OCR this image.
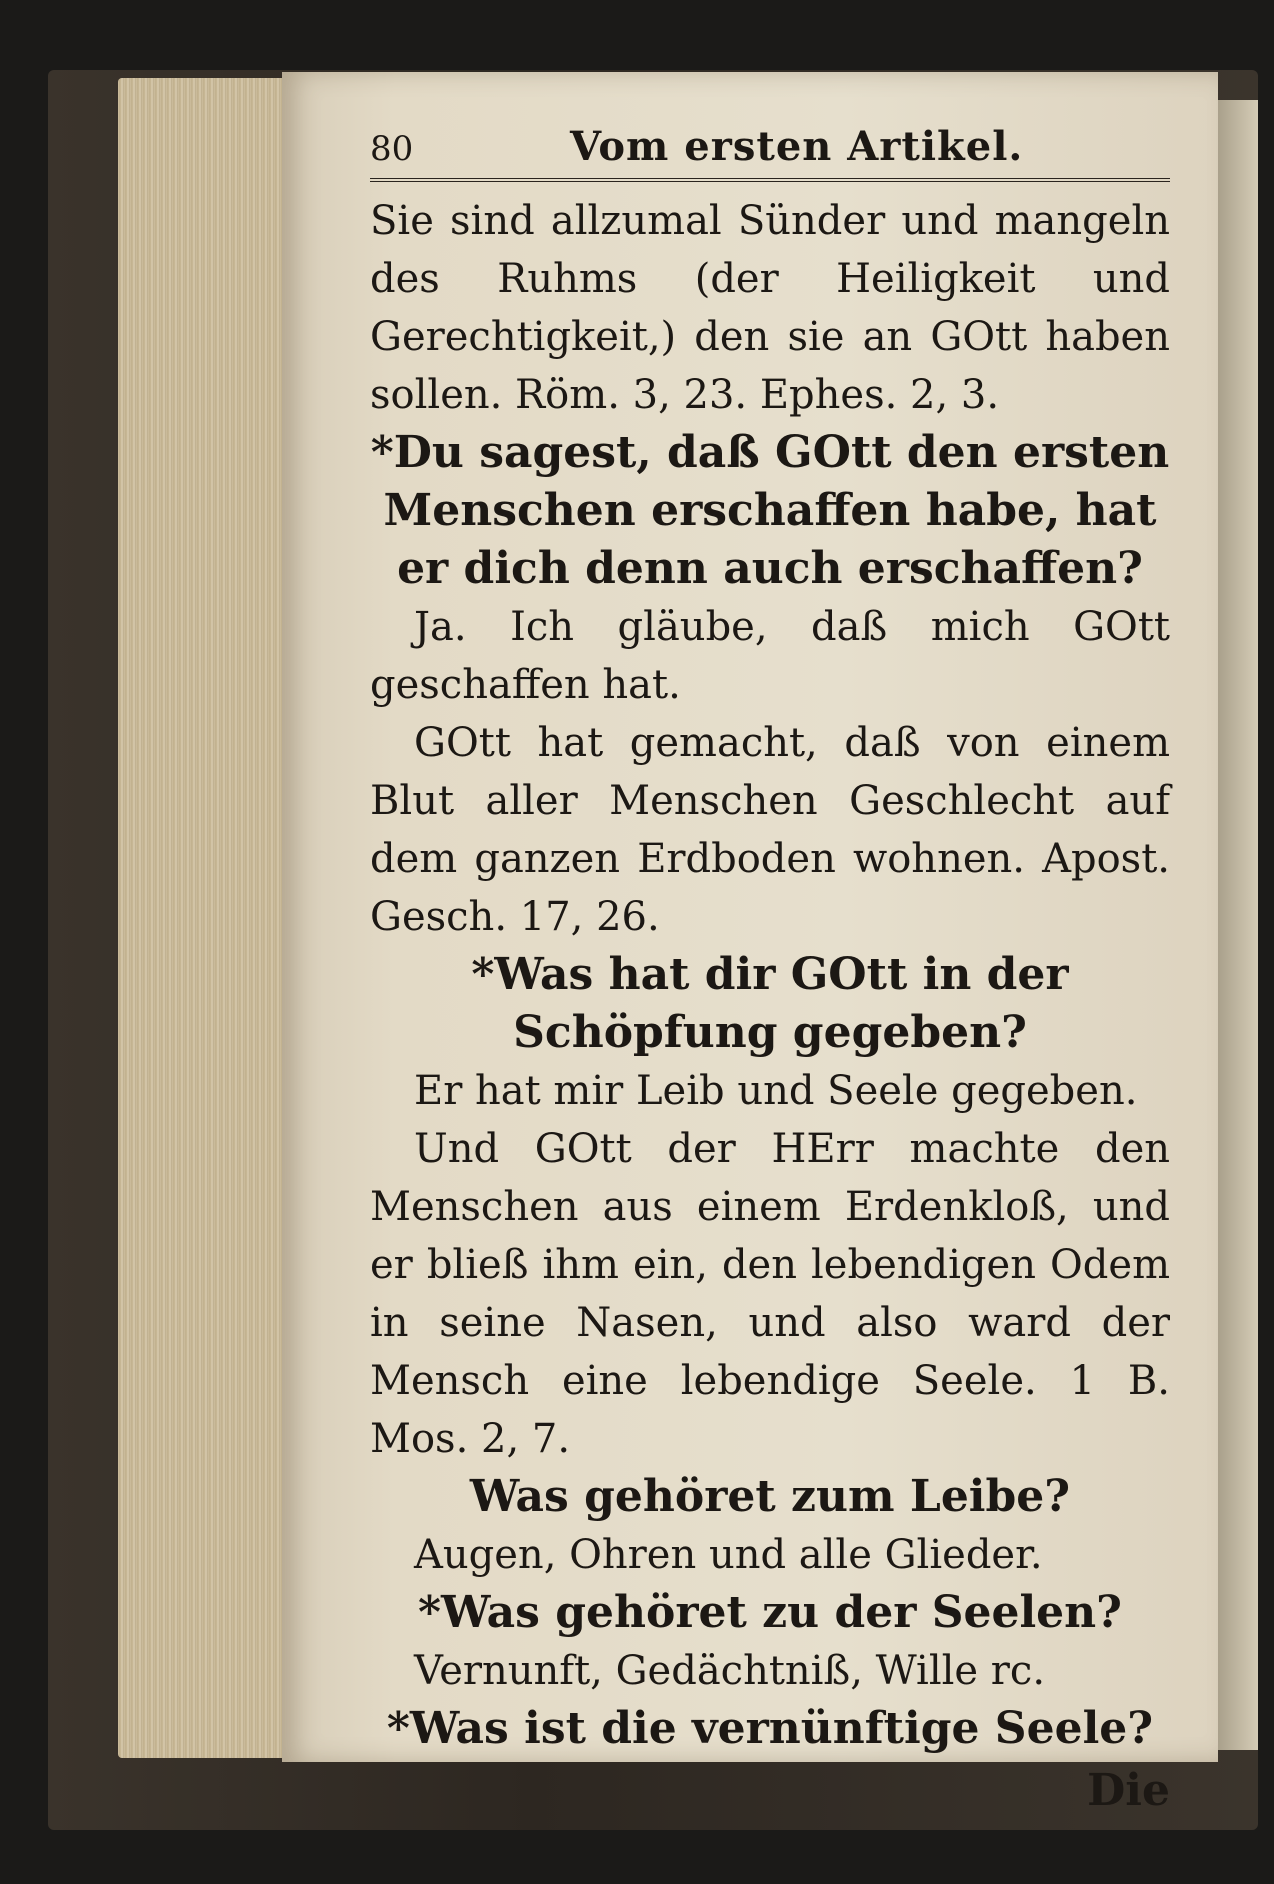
80	Vom ersten Artikel.

Sie sind allzumal Sünder und mangeln des Ruhms (der Heiligkeit und Gerechtigkeit,) den sie an GOtt haben sollen. Röm. 3, 23. Ephes. 2, 3.

*Du sagest, daß GOtt den ersten Menschen erschaffen habe, hat er dich denn auch erschaffen?

Ja. Ich gläube, daß mich GOtt geschaffen hat.

GOtt hat gemacht, daß von einem Blut aller Menschen Geschlecht auf dem ganzen Erdboden wohnen. Apost. Gesch. 17, 26.

*Was hat dir GOtt in der Schöpfung gegeben?

Er hat mir Leib und Seele gegeben.

Und GOtt der HErr machte den Menschen aus einem Erdenkloß, und er bließ ihm ein, den lebendigen Odem in seine Nasen, und also ward der Mensch eine lebendige Seele. 1 B. Mos. 2, 7.

Was gehöret zum Leibe?

Augen, Ohren und alle Glieder.

*Was gehöret zu der Seelen?

Vernunft, Gedächtniß, Wille rc.

*Was ist die vernünftige Seele?

Die
